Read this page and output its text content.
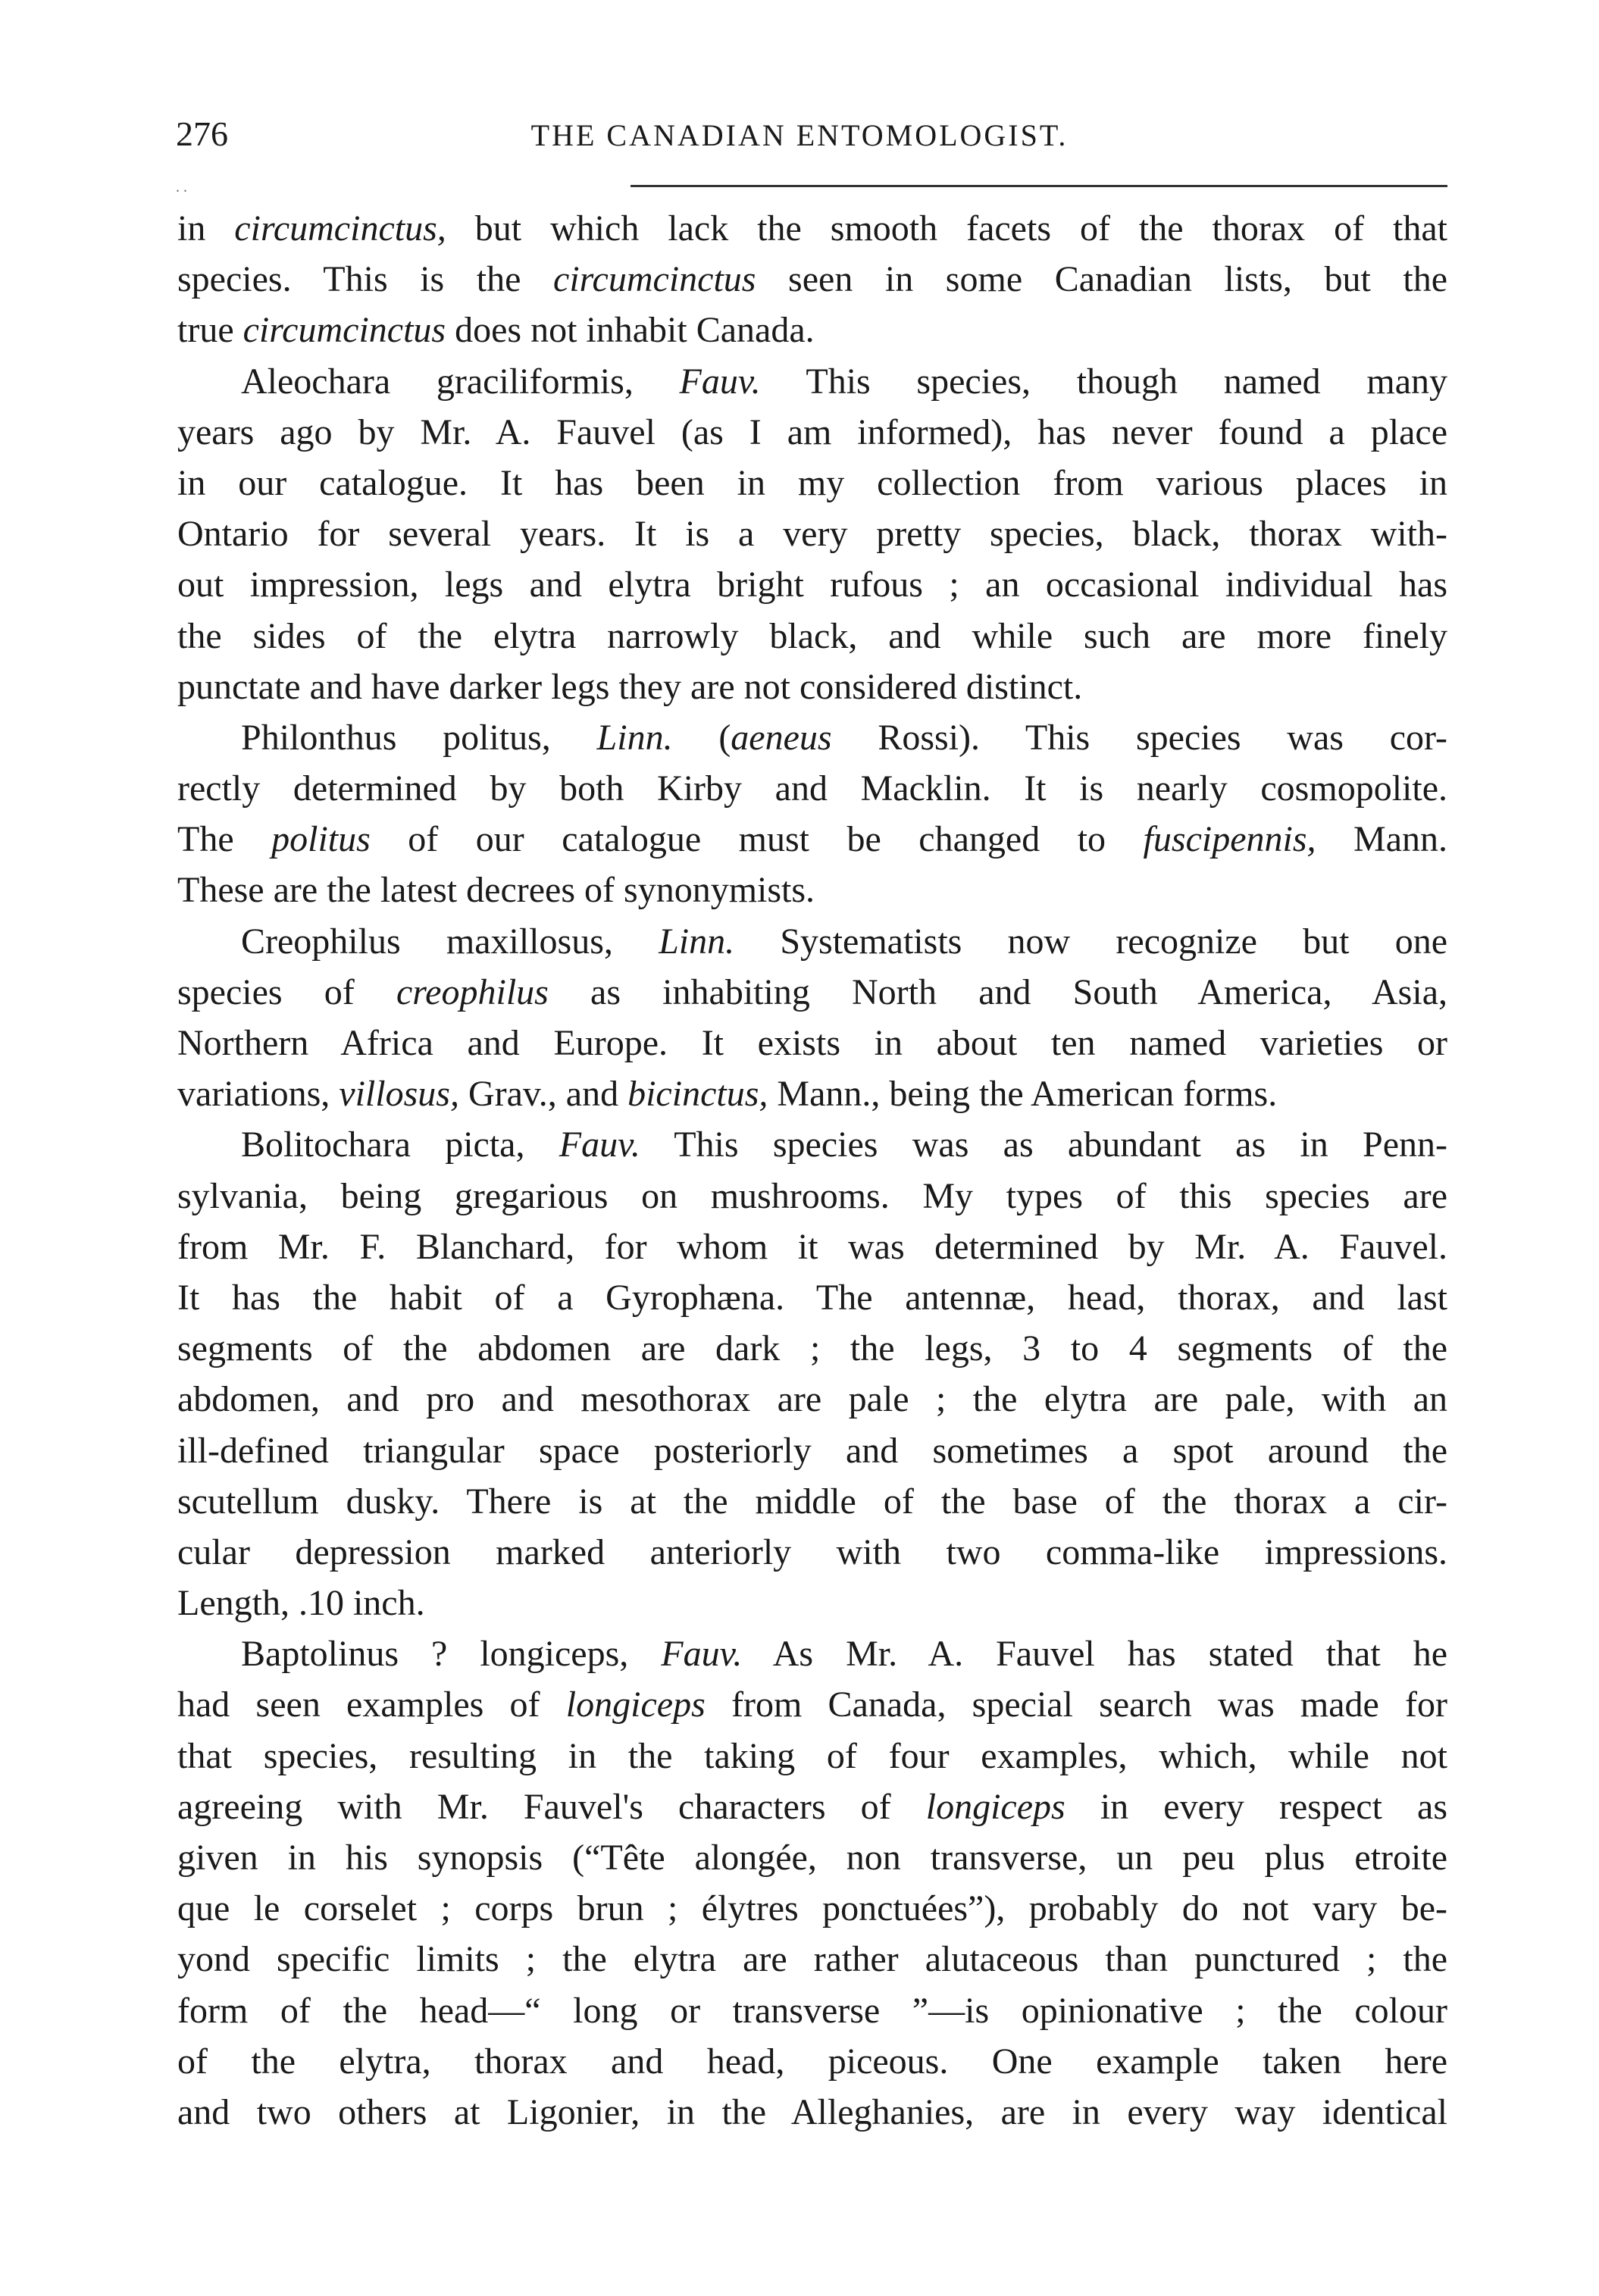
276	THE CANADIAN ENTOMOLOGIST.
. .
in circumcinctus, but which lack the smooth facets of the thorax of that
species. This is the circumcinctus seen in some Canadian lists, but the
true circumcinctus does not inhabit Canada.
Aleochara graciliformis, Fauv. This species, though named many
years ago by Mr. A. Fauvel (as I am informed), has never found a place
in our catalogue. It has been in my collection from various places in
Ontario for several years. It is a very pretty species, black, thorax with-
out impression, legs and elytra bright rufous ; an occasional individual has
the sides of the elytra narrowly black, and while such are more finely
punctate and have darker legs they are not considered distinct.
Philonthus politus, Linn. (aeneus Rossi). This species was cor-
rectly determined by both Kirby and Macklin. It is nearly cosmopolite.
The politus of our catalogue must be changed to fuscipennis, Mann.
These are the latest decrees of synonymists.
Creophilus maxillosus, Linn. Systematists now recognize but one
species of creophilus as inhabiting North and South America, Asia,
Northern Africa and Europe. It exists in about ten named varieties or
variations, villosus, Grav., and bicinctus, Mann., being the American forms.
Bolitochara picta, Fauv. This species was as abundant as in Penn-
sylvania, being gregarious on mushrooms. My types of this species are
from Mr. F. Blanchard, for whom it was determined by Mr. A. Fauvel.
It has the habit of a Gyrophæna. The antennæ, head, thorax, and last
segments of the abdomen are dark ; the legs, 3 to 4 segments of the
abdomen, and pro and mesothorax are pale ; the elytra are pale, with an
ill-defined triangular space posteriorly and sometimes a spot around the
scutellum dusky. There is at the middle of the base of the thorax a cir-
cular depression marked anteriorly with two comma-like impressions.
Length, .10 inch.
Baptolinus ? longiceps, Fauv. As Mr. A. Fauvel has stated that he
had seen examples of longiceps from Canada, special search was made for
that species, resulting in the taking of four examples, which, while not
agreeing with Mr. Fauvel's characters of longiceps in every respect as
given in his synopsis (“Tête alongée, non transverse, un peu plus etroite
que le corselet ; corps brun ; élytres ponctuées”), probably do not vary be-
yond specific limits ; the elytra are rather alutaceous than punctured ; the
form of the head—“ long or transverse ”—is opinionative ; the colour
of the elytra, thorax and head, piceous. One example taken here
and two others at Ligonier, in the Alleghanies, are in every way identical
